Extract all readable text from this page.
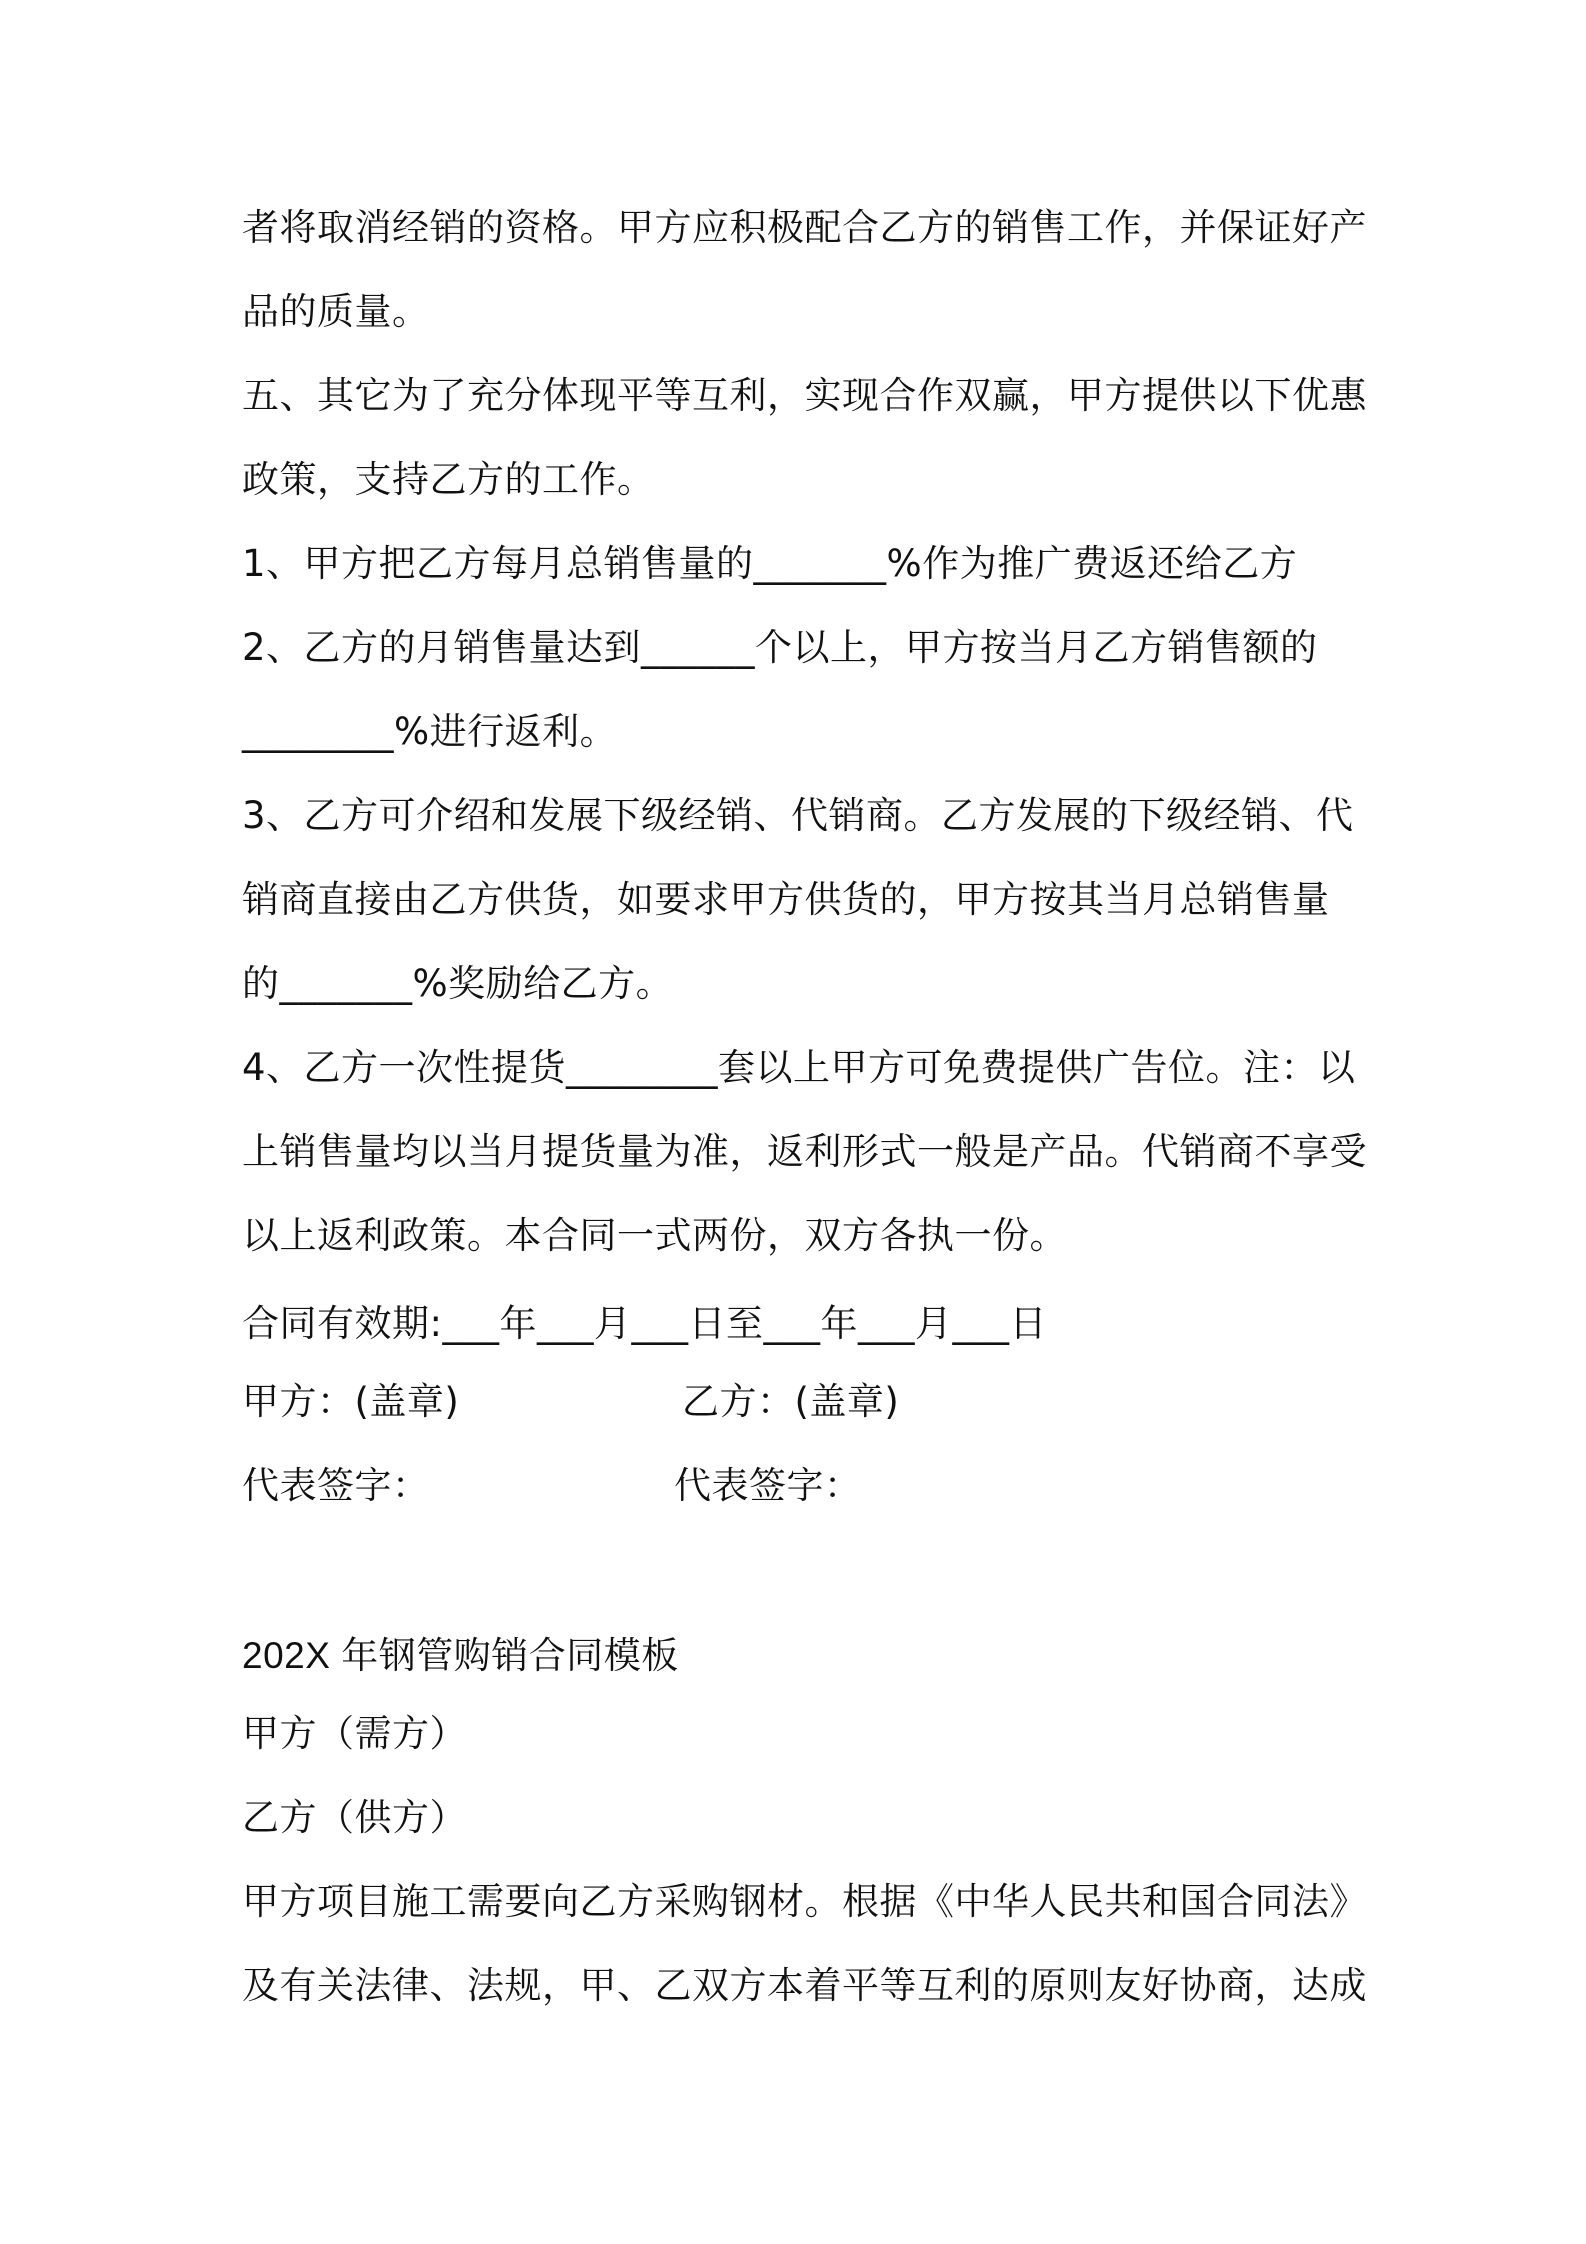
者将取消经销的资格。甲方应积极配合乙方的销售工作，并保证好产
品的质量。
五、其它为了充分体现平等互利，实现合作双赢，甲方提供以下优惠
政策，支持乙方的工作。
1、甲方把乙方每月总销售量的_______%作为推广费返还给乙方
2、乙方的月销售量达到______个以上，甲方按当月乙方销售额的
________%进行返利。
3、乙方可介绍和发展下级经销、代销商。乙方发展的下级经销、代
销商直接由乙方供货，如要求甲方供货的，甲方按其当月总销售量
的_______%奖励给乙方。
4、乙方一次性提货________套以上甲方可免费提供广告位。注：以
上销售量均以当月提货量为准，返利形式一般是产品。代销商不享受
以上返利政策。本合同一式两份，双方各执一份。
合同有效期:___年___月___日至___年___月___日
甲方：(盖章)	乙方：(盖章)
代表签字：	代表签字：
202X 年钢管购销合同模板
甲方（需方）
乙方（供方）
甲方项目施工需要向乙方采购钢材。根据《中华人民共和国合同法》
及有关法律、法规，甲、乙双方本着平等互利的原则友好协商，达成
